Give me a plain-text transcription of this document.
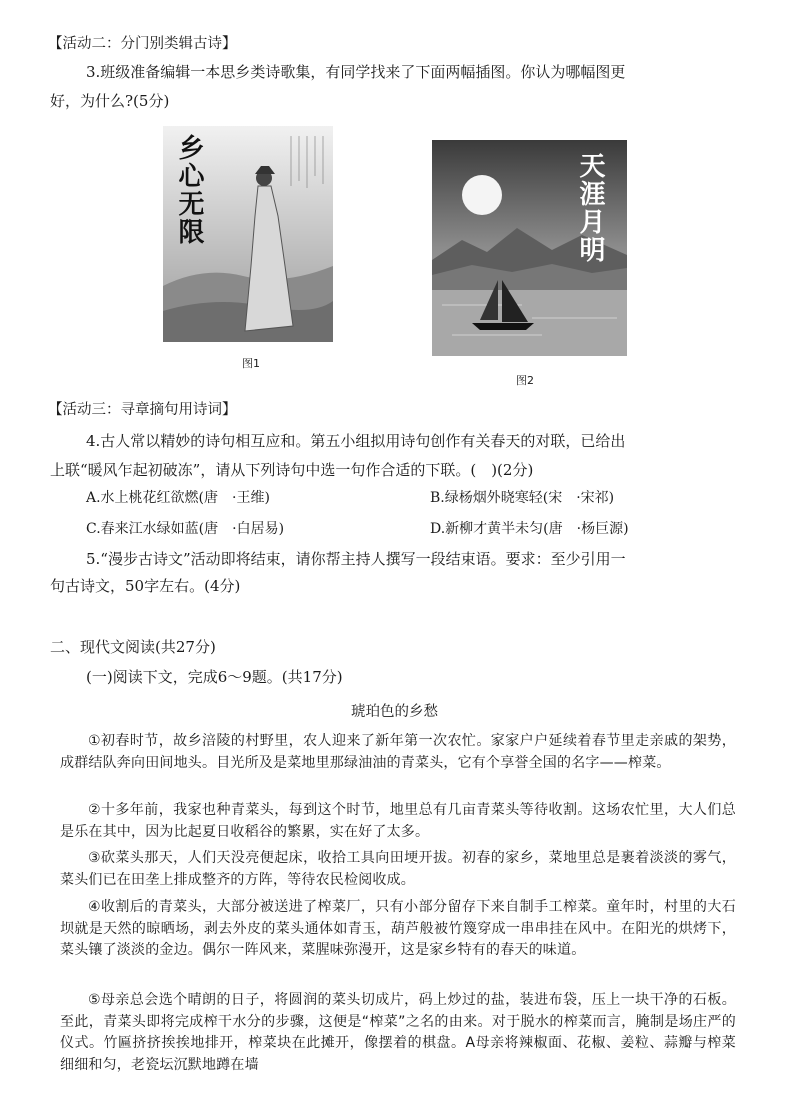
【活动二：分门别类辑古诗】
3.班级准备编辑一本思乡类诗歌集，有同学找来了下面两幅插图。你认为哪幅图更
好，为什么?(5分)
乡心无限
图1
天涯月明
图2
【活动三：寻章摘句用诗词】
4.古人常以精妙的诗句相互应和。第五小组拟用诗句创作有关春天的对联，已给出
上联“暖风乍起初破冻”，请从下列诗句中选一句作合适的下联。(　)(2分)
A.水上桃花红欲燃(唐　·王维)	B.绿杨烟外晓寒轻(宋　·宋祁)
C.春来江水绿如蓝(唐　·白居易)	D.新柳才黄半未匀(唐　·杨巨源)
5.“漫步古诗文”活动即将结束，请你帮主持人撰写一段结束语。要求：至少引用一
句古诗文，50字左右。(4分)
二、现代文阅读(共27分)
(一)阅读下文，完成6～9题。(共17分)
琥珀色的乡愁
①初春时节，故乡涪陵的村野里，农人迎来了新年第一次农忙。家家户户延续着春节里走亲戚的架势，成群结队奔向田间地头。目光所及是菜地里那绿油油的青菜头，它有个享誉全国的名字——榨菜。
②十多年前，我家也种青菜头，每到这个时节，地里总有几亩青菜头等待收割。这场农忙里，大人们总是乐在其中，因为比起夏日收稻谷的繁累，实在好了太多。
③砍菜头那天，人们天没亮便起床，收拾工具向田埂开拔。初春的家乡，菜地里总是裹着淡淡的雾气，菜头们已在田垄上排成整齐的方阵，等待农民检阅收成。
④收割后的青菜头，大部分被送进了榨菜厂，只有小部分留存下来自制手工榨菜。童年时，村里的大石坝就是天然的晾晒场，剥去外皮的菜头通体如青玉，葫芦般被竹篾穿成一串串挂在风中。在阳光的烘烤下，菜头镶了淡淡的金边。偶尔一阵风来，菜腥味弥漫开，这是家乡特有的春天的味道。
⑤母亲总会选个晴朗的日子，将圆润的菜头切成片，码上炒过的盐，装进布袋，压上一块干净的石板。至此，青菜头即将完成榨干水分的步骤，这便是“榨菜”之名的由来。对于脱水的榨菜而言，腌制是场庄严的仪式。竹匾挤挤挨挨地排开，榨菜块在此摊开，像摆着的棋盘。A母亲将辣椒面、花椒、姜粒、蒜瓣与榨菜细细和匀，老瓷坛沉默地蹲在墙
